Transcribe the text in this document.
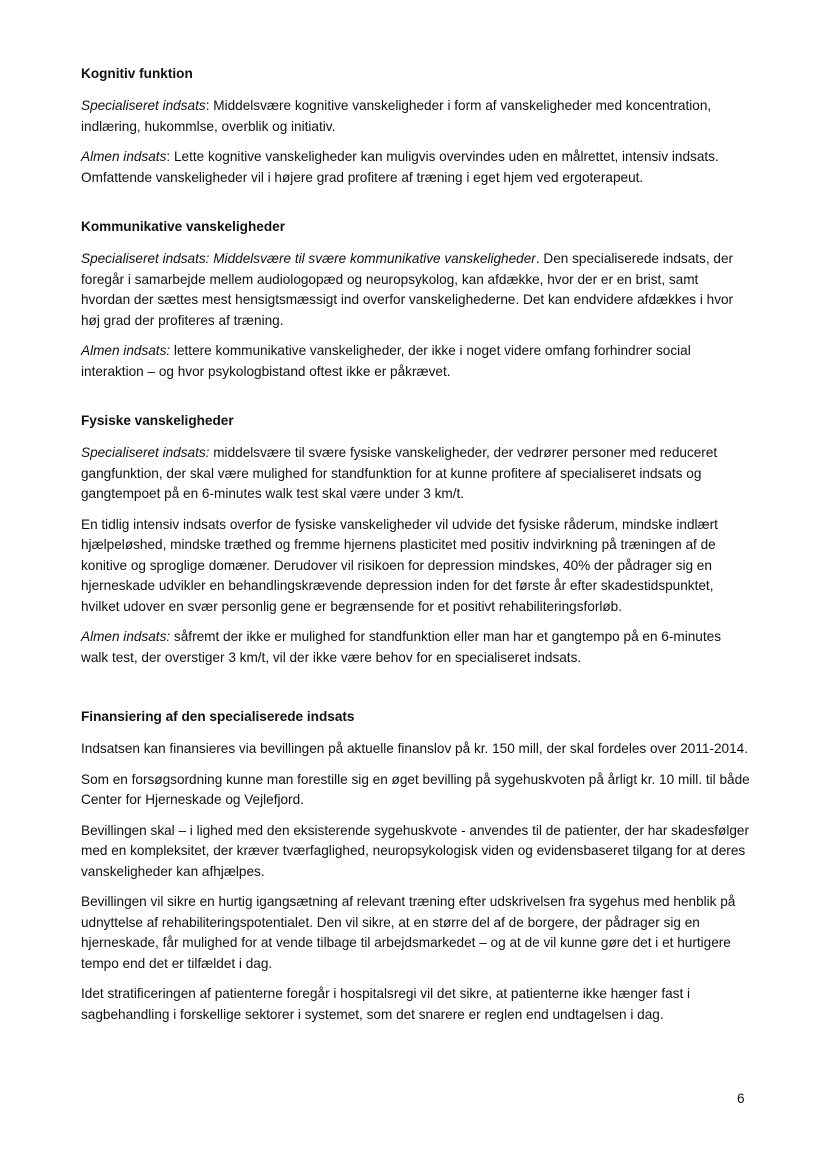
Kognitiv funktion

Specialiseret indsats: Middelsvære kognitive vanskeligheder i form af vanskeligheder med koncentration, indlæring, hukommlse, overblik og initiativ.

Almen indsats: Lette kognitive vanskeligheder kan muligvis overvindes uden en målrettet, intensiv indsats. Omfattende vanskeligheder vil i højere grad profitere af træning i eget hjem ved ergoterapeut.

Kommunikative vanskeligheder

Specialiseret indsats: Middelsvære til svære kommunikative vanskeligheder. Den specialiserede indsats, der foregår i samarbejde mellem audiologopæd og neuropsykolog, kan afdække, hvor der er en brist, samt hvordan der sættes mest hensigtsmæssigt ind overfor vanskelighederne. Det kan endvidere afdækkes i hvor høj grad der profiteres af træning.

Almen indsats: lettere kommunikative vanskeligheder, der ikke i noget videre omfang forhindrer social interaktion – og hvor psykologbistand oftest ikke er påkrævet.

Fysiske vanskeligheder

Specialiseret indsats: middelsvære til svære fysiske vanskeligheder, der vedrører personer med reduceret gangfunktion, der skal være mulighed for standfunktion for at kunne profitere af specialiseret indsats og gangtempoet på en 6-minutes walk test skal være under 3 km/t.

En tidlig intensiv indsats overfor de fysiske vanskeligheder vil udvide det fysiske råderum, mindske indlært hjælpeløshed, mindske træthed og fremme hjernens plasticitet med positiv indvirkning på træningen af de konitive og sproglige domæner. Derudover vil risikoen for depression mindskes, 40% der pådrager sig en hjerneskade udvikler en behandlingskrævende depression inden for det første år efter skadestidspunktet, hvilket udover en svær personlig gene er begrænsende for et positivt rehabiliteringsforløb.

Almen indsats: såfremt der ikke er mulighed for standfunktion eller man har et gangtempo på en 6-minutes walk test, der overstiger 3 km/t, vil der ikke være behov for en specialiseret indsats.

Finansiering af den specialiserede indsats

Indsatsen kan finansieres via bevillingen på aktuelle finanslov på kr. 150 mill, der skal fordeles over 2011-2014.

Som en forsøgsordning kunne man forestille sig en øget bevilling på sygehuskvoten på årligt kr. 10 mill. til både Center for Hjerneskade og Vejlefjord.

Bevillingen skal – i lighed med den eksisterende sygehuskvote - anvendes til de patienter, der har skadesfølger med en kompleksitet, der kræver tværfaglighed, neuropsykologisk viden og evidensbaseret tilgang for at deres vanskeligheder kan afhjælpes.

Bevillingen vil sikre en hurtig igangsætning af relevant træning efter udskrivelsen fra sygehus med henblik på udnyttelse af rehabiliteringspotentialet. Den vil sikre, at en større del af de borgere, der pådrager sig en hjerneskade, får mulighed for at vende tilbage til arbejdsmarkedet – og at de vil kunne gøre det i et hurtigere tempo end det er tilfældet i dag.

Idet stratificeringen af patienterne foregår i hospitalsregi vil det sikre, at patienterne ikke hænger fast i sagbehandling i forskellige sektorer i systemet, som det snarere er reglen end undtagelsen i dag.

6
